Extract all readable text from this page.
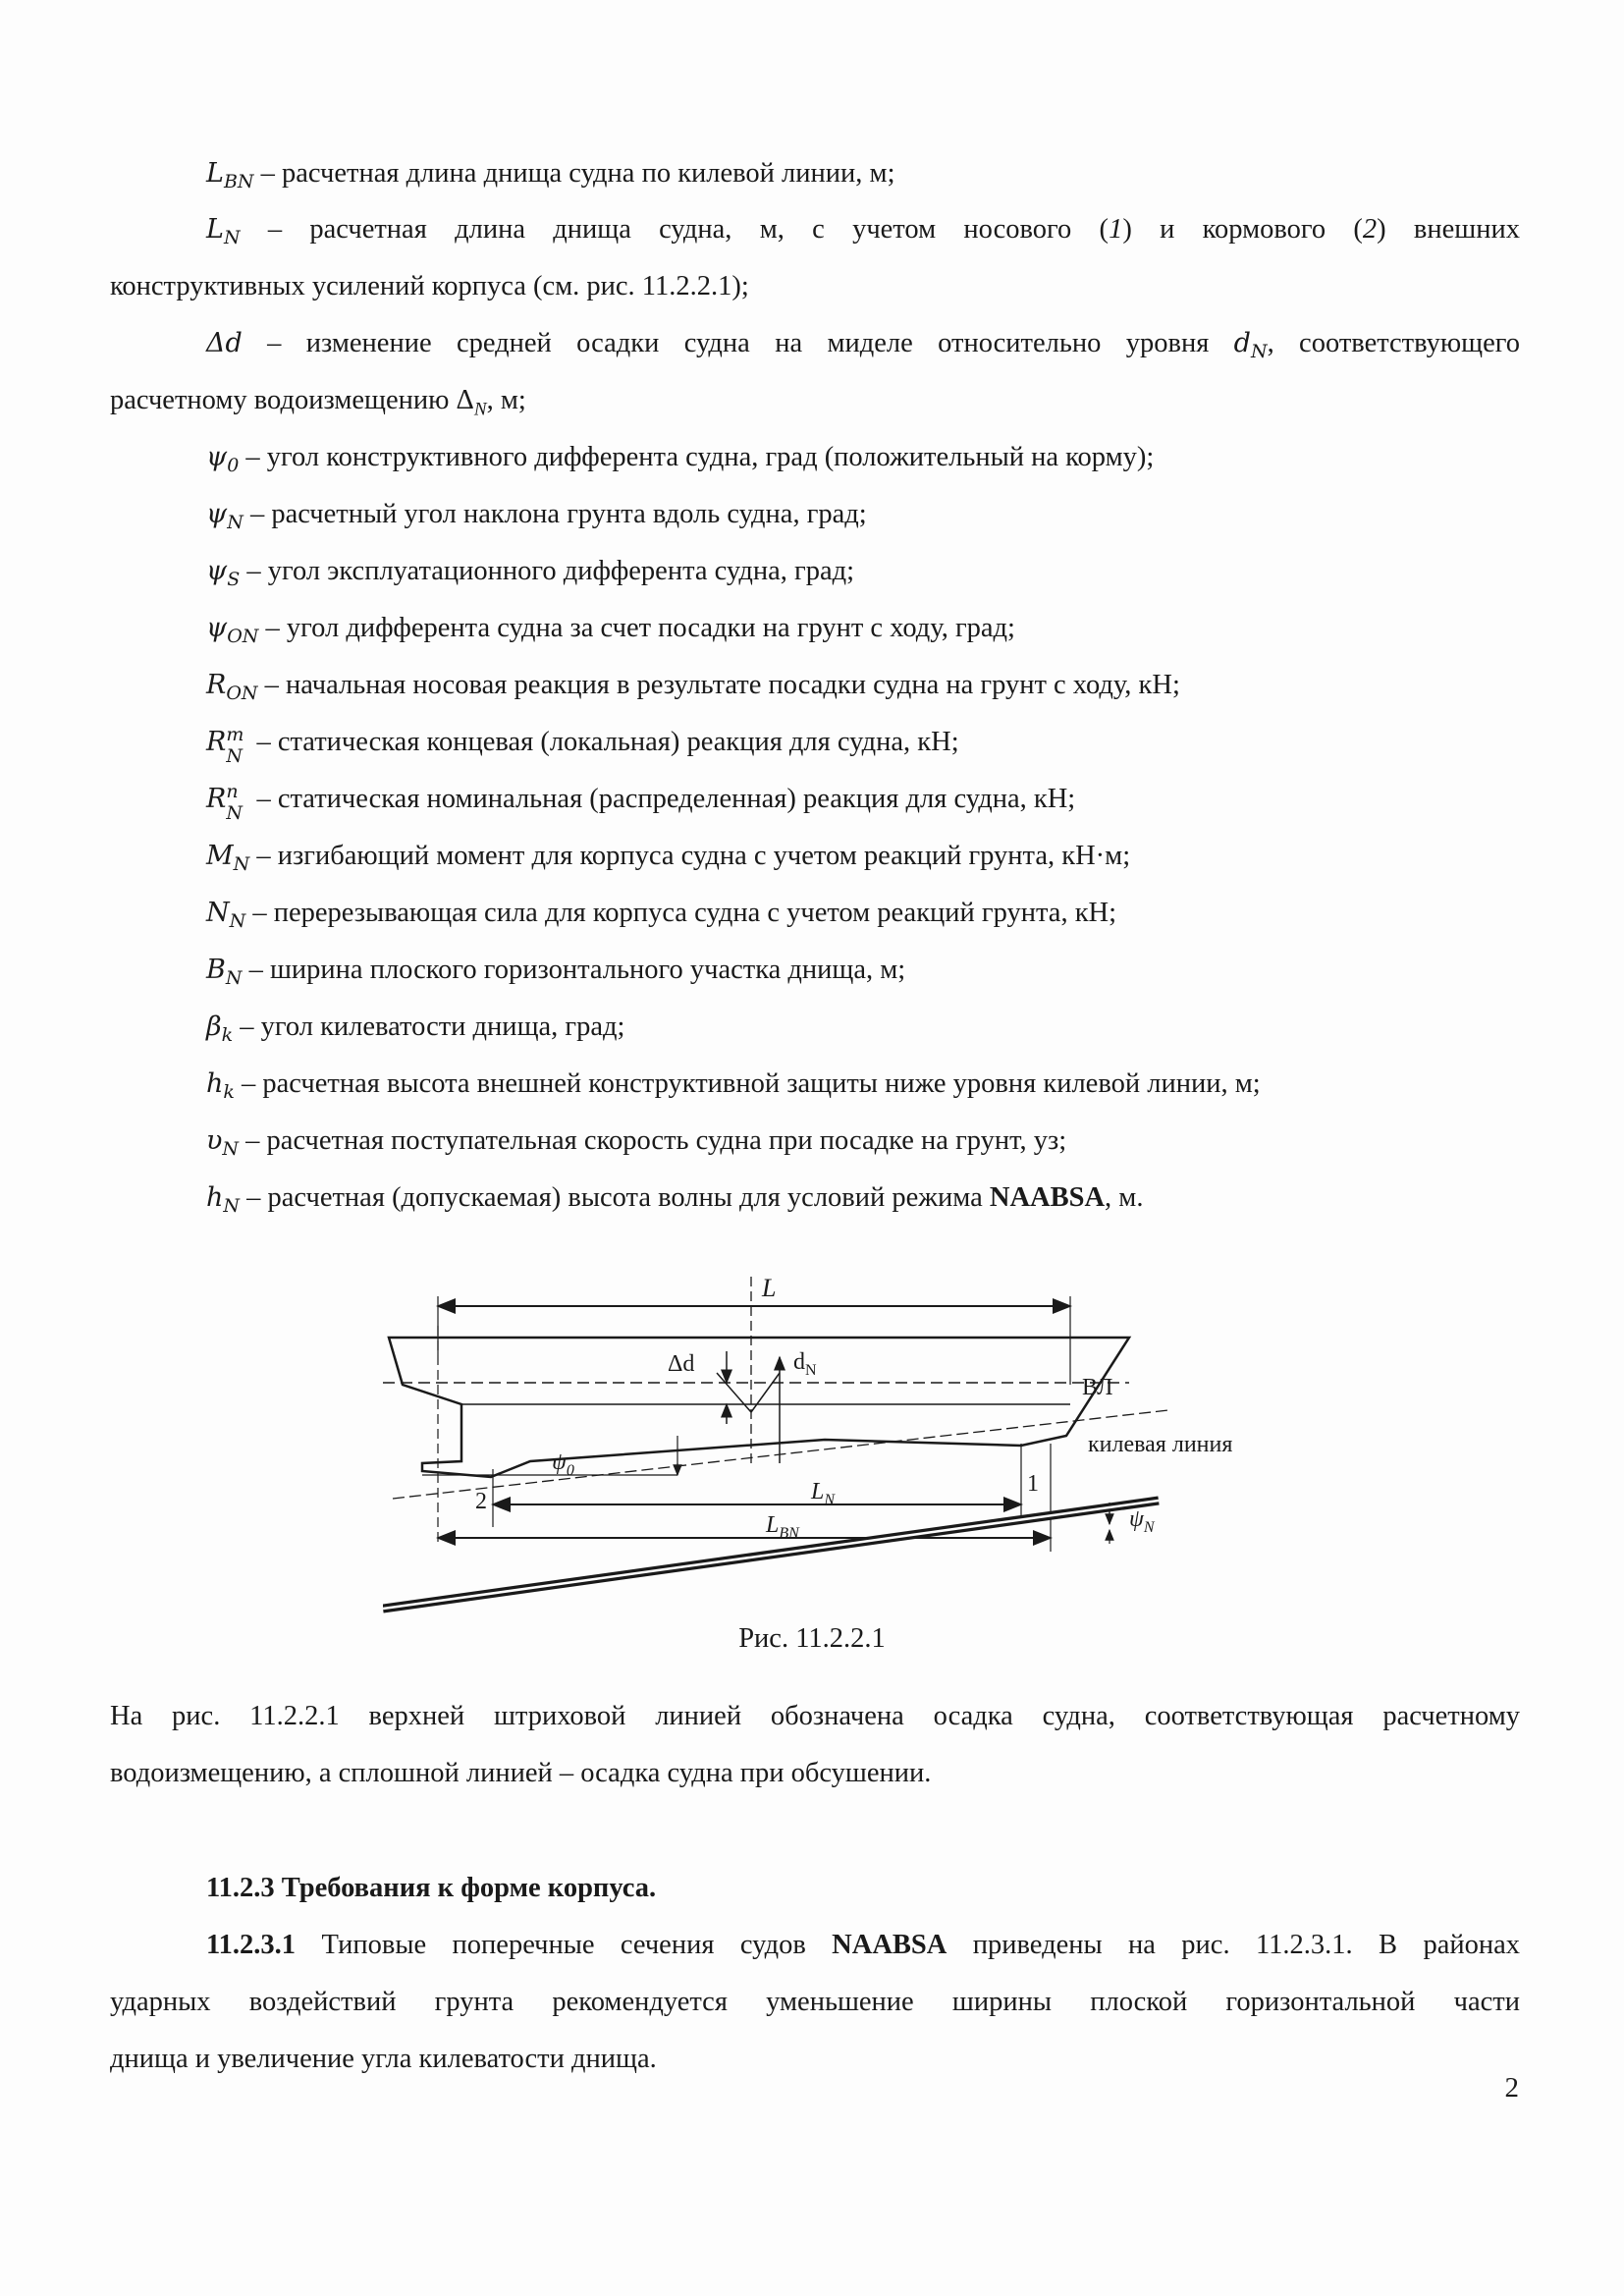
$L_{BN}$ – расчетная длина днища судна по килевой линии, м;
$L_N$ – расчетная длина днища судна, м, с учетом носового (1) и кормового (2) внешних
конструктивных усилений корпуса (см. рис. 11.2.2.1);
Δd – изменение средней осадки судна на миделе относительно уровня $d_N$, соответствующего
расчетному водоизмещению $\Delta_N$, м;
$\psi_0$ – угол конструктивного дифферента судна, град (положительный на корму);
$\psi_N$ – расчетный угол наклона грунта вдоль судна, град;
$\psi_S$ – угол эксплуатационного дифферента судна, град;
$\psi_{ON}$ – угол дифферента судна за счет посадки на грунт с ходу, град;
$R_{ON}$ – начальная носовая реакция в результате посадки судна на грунт с ходу, кН;
R m
N – статическая концевая (локальная) реакция для судна, кН;
R n
N – статическая номинальная (распределенная) реакция для судна, кН;
$M_N$ – изгибающий момент для корпуса судна с учетом реакций грунта, кН·м;
$N_N$ – перерезывающая сила для корпуса судна с учетом реакций грунта, кН;
$B_N$ – ширина плоского горизонтального участка днища, м;
$\beta_k$ – угол килеватости днища, град;
$h_k$ – расчетная высота внешней конструктивной защиты ниже уровня килевой линии, м;
$\upsilon_N$ – расчетная поступательная скорость судна при посадке на грунт, уз;
$h_N$ – расчетная (допускаемая) высота волны для условий режима NAABSA, м.
L
Δd	$d_N$
ВЛ
килевая линия
$\psi_0$
$L_N$
$L_{BN}$
$\psi_N$
1
2
Рис. 11.2.2.1
На рис. 11.2.2.1 верхней штриховой линией обозначена осадка судна, соответствующая расчетному
водоизмещению, а сплошной линией – осадка судна при обсушении.
11.2.3 Требования к форме корпуса.
11.2.3.1 Типовые поперечные сечения судов NAABSA приведены на рис. 11.2.3.1. В районах
ударных воздействий грунта рекомендуется уменьшение ширины плоской горизонтальной части
днища и увеличение угла килеватости днища.
2
